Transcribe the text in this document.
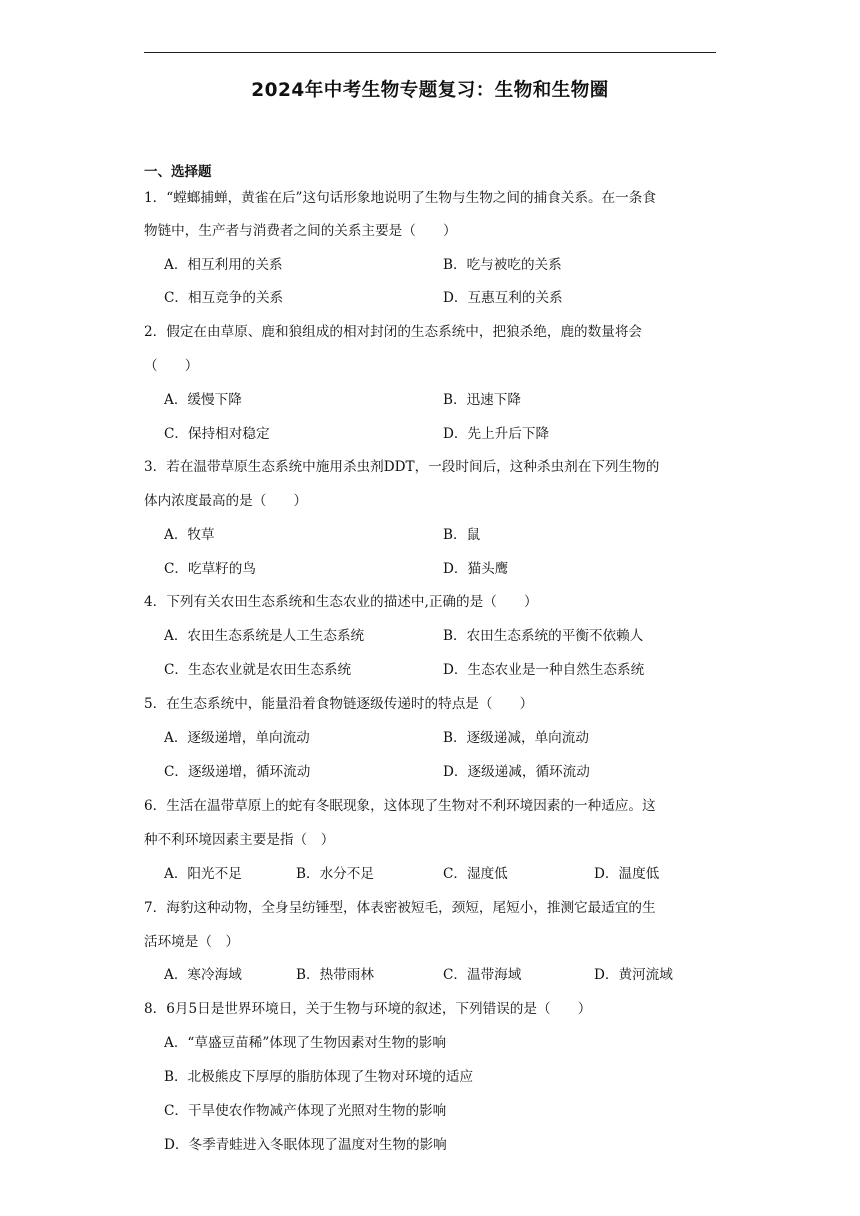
2024年中考生物专题复习：生物和生物圈
一、选择题
1．“螳螂捕蝉，黄雀在后”这句话形象地说明了生物与生物之间的捕食关系。在一条食
物链中，生产者与消费者之间的关系主要是（　　）
A．相互利用的关系	B．吃与被吃的关系
C．相互竞争的关系	D．互惠互利的关系
2．假定在由草原、鹿和狼组成的相对封闭的生态系统中，把狼杀绝，鹿的数量将会
（　　）
A．缓慢下降	B．迅速下降
C．保持相对稳定	D．先上升后下降
3．若在温带草原生态系统中施用杀虫剂DDT，一段时间后，这种杀虫剂在下列生物的
体内浓度最高的是（　　）
A．牧草	B．鼠
C．吃草籽的鸟	D．猫头鹰
4．下列有关农田生态系统和生态农业的描述中,正确的是（　　）
A．农田生态系统是人工生态系统	B．农田生态系统的平衡不依赖人
C．生态农业就是农田生态系统	D．生态农业是一种自然生态系统
5．在生态系统中，能量沿着食物链逐级传递时的特点是（　　）
A．逐级递增，单向流动	B．逐级递减，单向流动
C．逐级递增，循环流动	D．逐级递减，循环流动
6．生活在温带草原上的蛇有冬眠现象，这体现了生物对不利环境因素的一种适应。这
种不利环境因素主要是指（　）
A．阳光不足	B．水分不足	C．湿度低	D．温度低
7．海豹这种动物，全身呈纺锤型，体表密被短毛，颈短，尾短小，推测它最适宜的生
活环境是（　）
A．寒冷海域	B．热带雨林	C．温带海域	D．黄河流域
8．6月5日是世界环境日，关于生物与环境的叙述，下列错误的是（　　）
A．“草盛豆苗稀”体现了生物因素对生物的影响
B．北极熊皮下厚厚的脂肪体现了生物对环境的适应
C．干旱使农作物减产体现了光照对生物的影响
D．冬季青蛙进入冬眠体现了温度对生物的影响
